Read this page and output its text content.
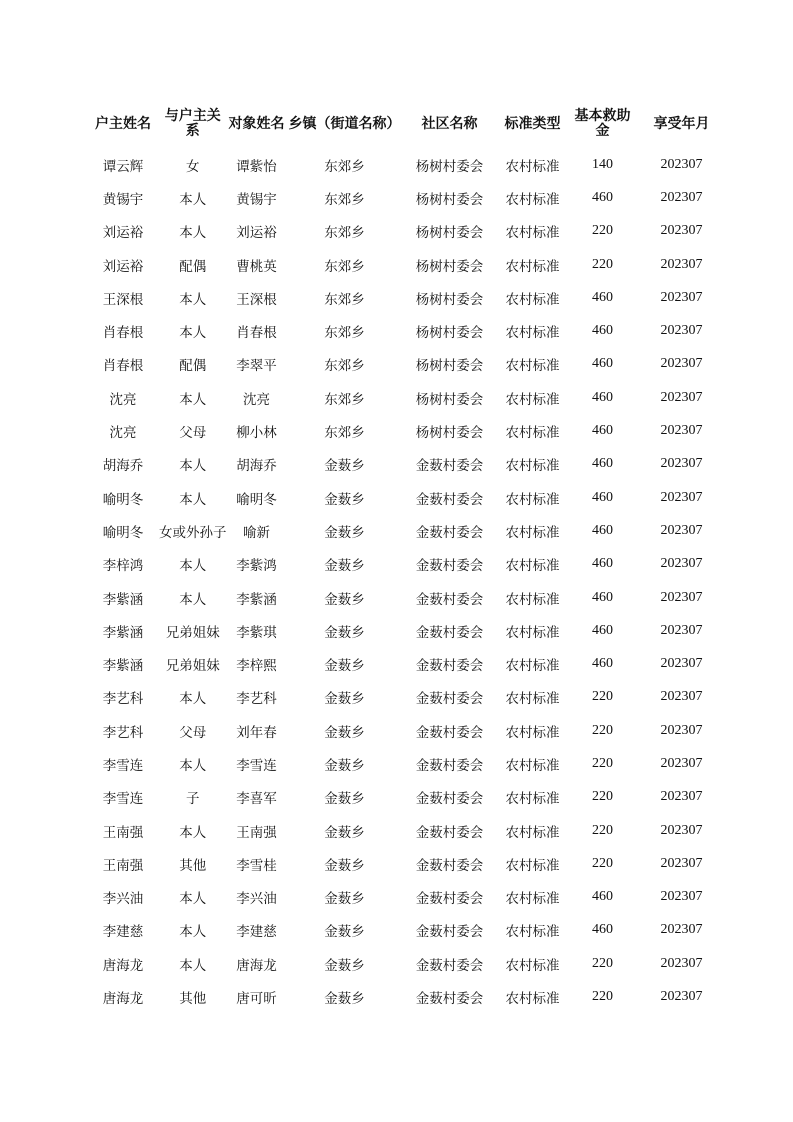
户主姓名	与户主关系	对象姓名	乡镇（街道名称）	社区名称	标准类型	基本救助金	享受年月
谭云辉	女	谭紫怡	东郊乡	杨树村委会	农村标准	140	202307
黄锡宇	本人	黄锡宇	东郊乡	杨树村委会	农村标准	460	202307
刘运裕	本人	刘运裕	东郊乡	杨树村委会	农村标准	220	202307
刘运裕	配偶	曹桃英	东郊乡	杨树村委会	农村标准	220	202307
王深根	本人	王深根	东郊乡	杨树村委会	农村标准	460	202307
肖春根	本人	肖春根	东郊乡	杨树村委会	农村标准	460	202307
肖春根	配偶	李翠平	东郊乡	杨树村委会	农村标准	460	202307
沈亮	本人	沈亮	东郊乡	杨树村委会	农村标准	460	202307
沈亮	父母	柳小林	东郊乡	杨树村委会	农村标准	460	202307
胡海乔	本人	胡海乔	金薮乡	金薮村委会	农村标准	460	202307
喻明冬	本人	喻明冬	金薮乡	金薮村委会	农村标准	460	202307
喻明冬	女或外孙子	喻新	金薮乡	金薮村委会	农村标准	460	202307
李梓鸿	本人	李紫鸿	金薮乡	金薮村委会	农村标准	460	202307
李紫涵	本人	李紫涵	金薮乡	金薮村委会	农村标准	460	202307
李紫涵	兄弟姐妹	李紫琪	金薮乡	金薮村委会	农村标准	460	202307
李紫涵	兄弟姐妹	李梓熙	金薮乡	金薮村委会	农村标准	460	202307
李艺科	本人	李艺科	金薮乡	金薮村委会	农村标准	220	202307
李艺科	父母	刘年春	金薮乡	金薮村委会	农村标准	220	202307
李雪连	本人	李雪连	金薮乡	金薮村委会	农村标准	220	202307
李雪连	子	李喜军	金薮乡	金薮村委会	农村标准	220	202307
王南强	本人	王南强	金薮乡	金薮村委会	农村标准	220	202307
王南强	其他	李雪桂	金薮乡	金薮村委会	农村标准	220	202307
李兴油	本人	李兴油	金薮乡	金薮村委会	农村标准	460	202307
李建慈	本人	李建慈	金薮乡	金薮村委会	农村标准	460	202307
唐海龙	本人	唐海龙	金薮乡	金薮村委会	农村标准	220	202307
唐海龙	其他	唐可昕	金薮乡	金薮村委会	农村标准	220	202307
